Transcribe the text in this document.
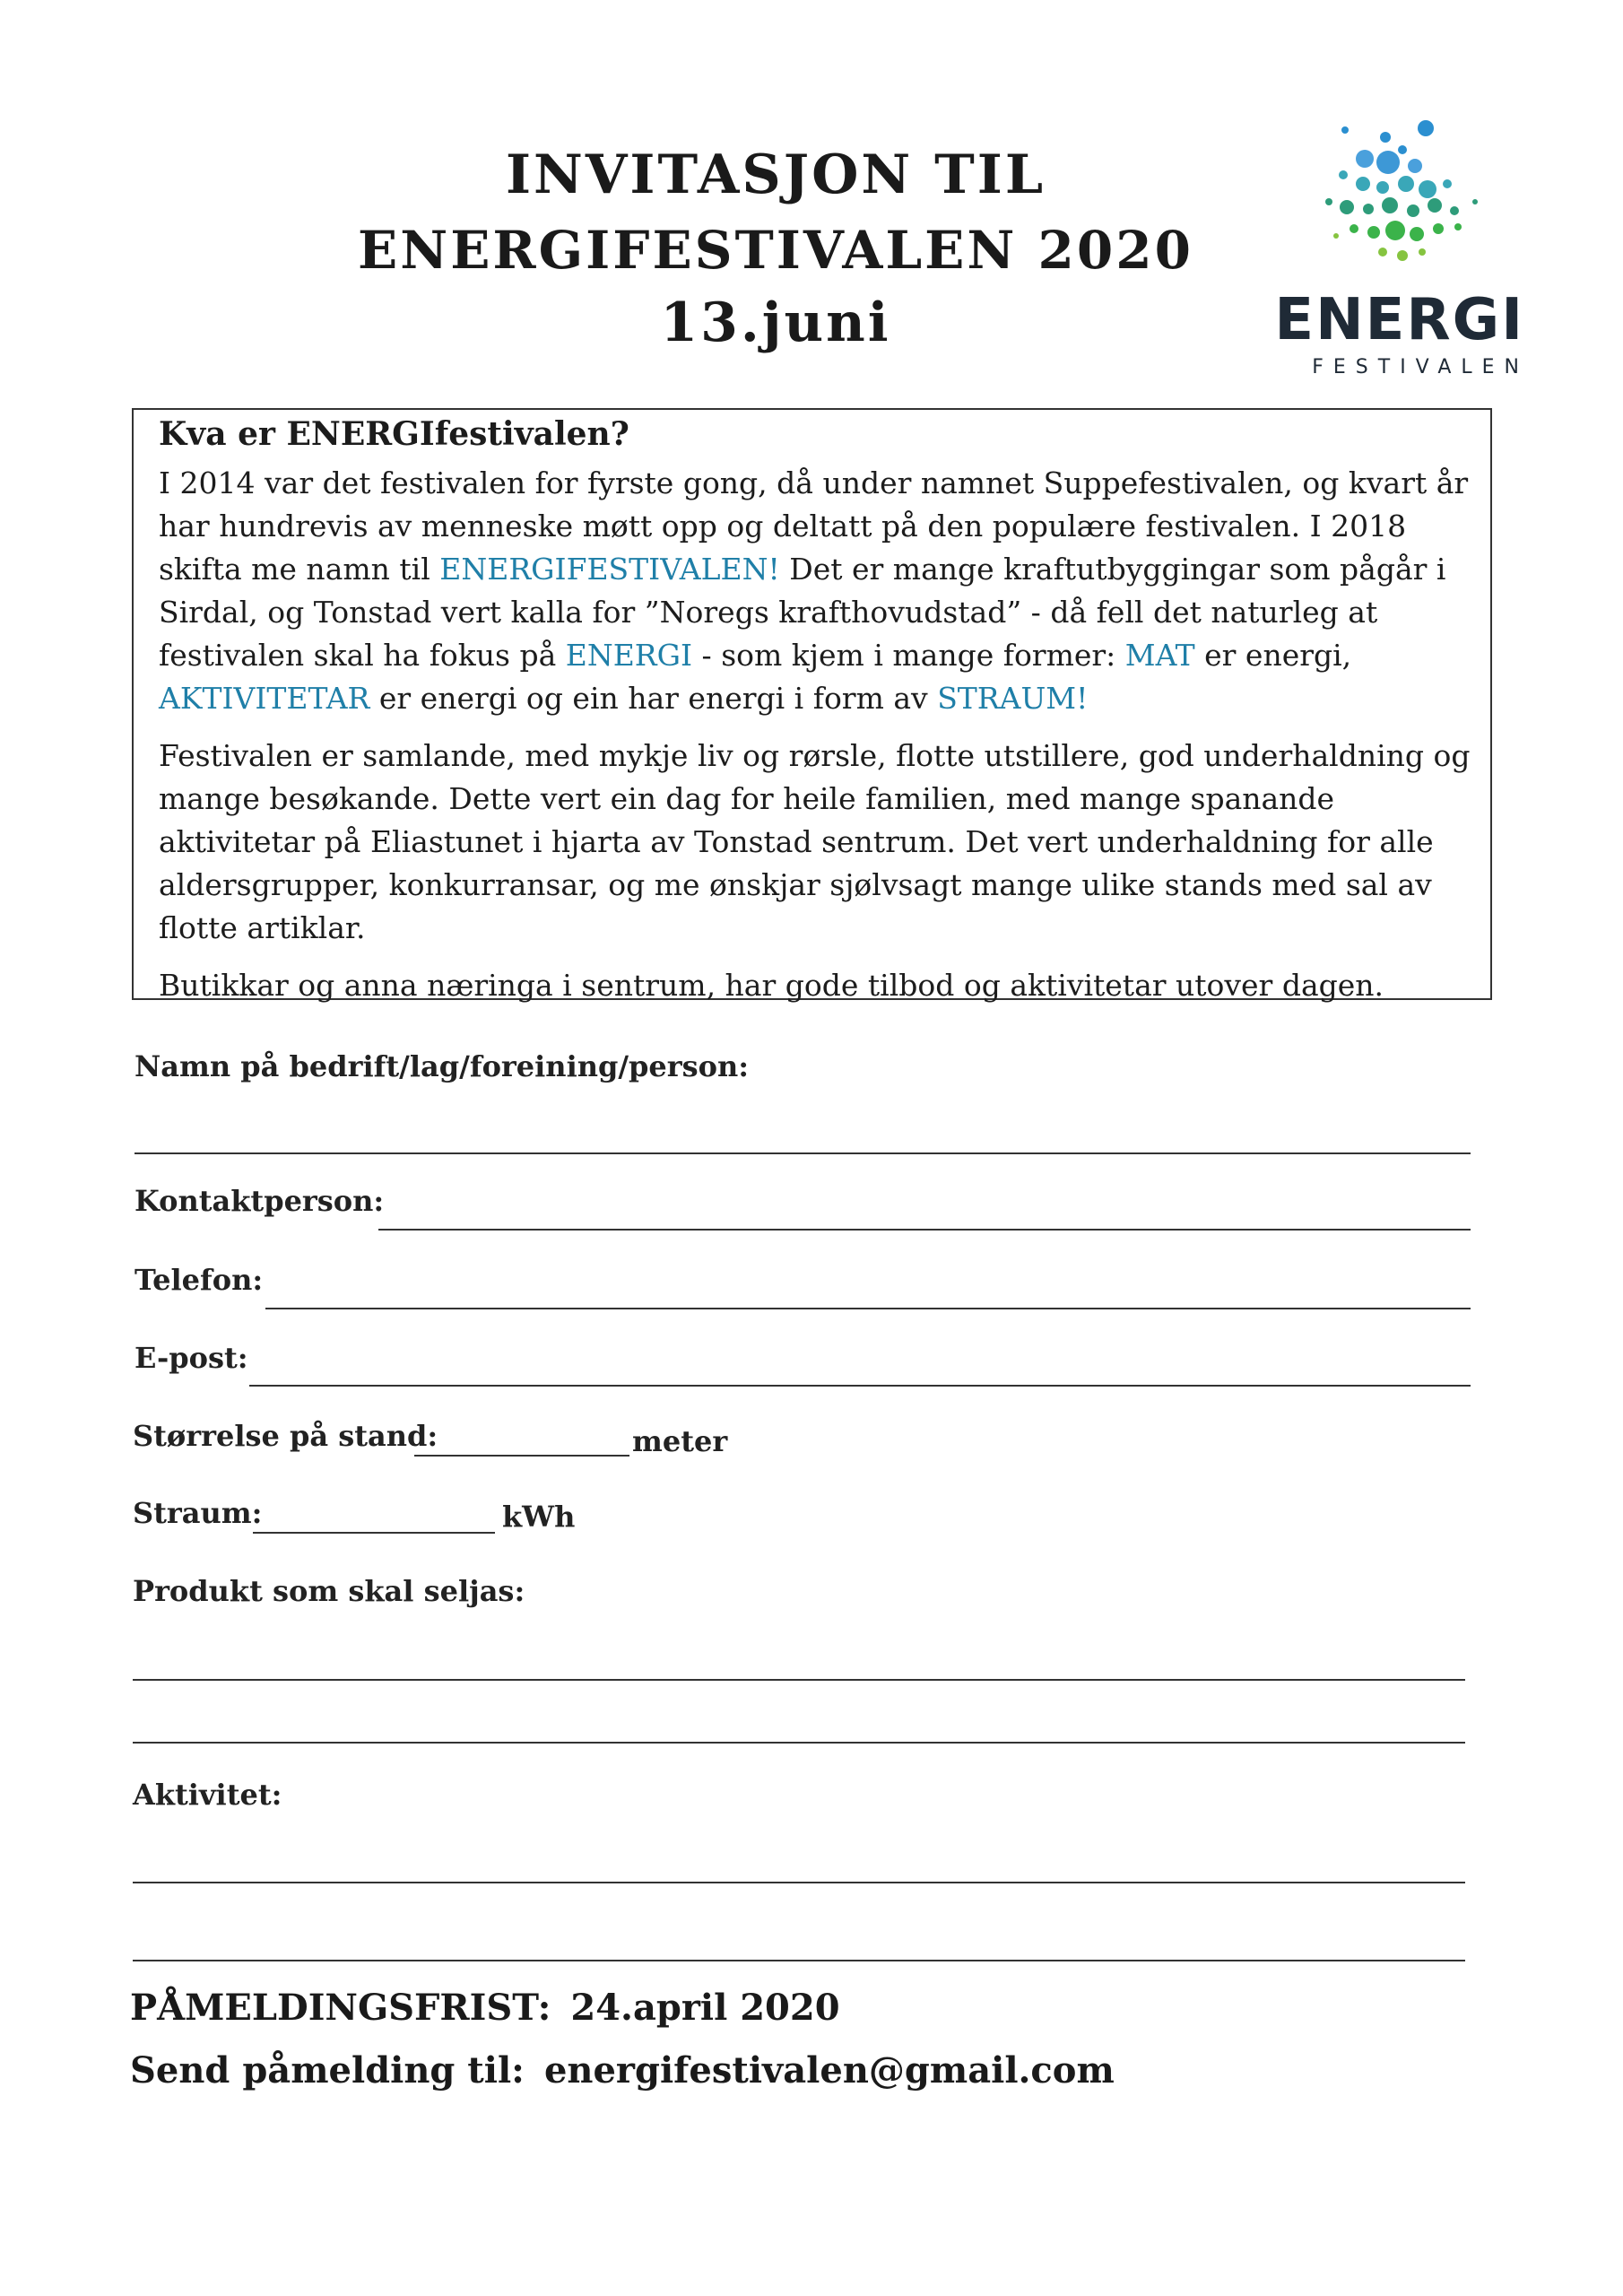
INVITASJON TIL
ENERGIFESTIVALEN 2020
13.juni	ENERGI
FESTIVALEN

Kva er ENERGIfestivalen?

I 2014 var det festivalen for fyrste gong, då under namnet Suppefestivalen, og kvart år har hundrevis av menneske møtt opp og deltatt på den populære festivalen. I 2018 skifta me namn til ENERGIFESTIVALEN! Det er mange kraftutbyggingar som pågår i Sirdal, og Tonstad vert kalla for ”Noregs krafthovudstad” - då fell det naturleg at festivalen skal ha fokus på ENERGI - som kjem i mange former: MAT er energi, AKTIVITETAR er energi og ein har energi i form av STRAUM!

Festivalen er samlande, med mykje liv og rørsle, flotte utstillere, god underhaldning og mange besøkande. Dette vert ein dag for heile familien, med mange spanande aktivitetar på Eliastunet i hjarta av Tonstad sentrum. Det vert underhaldning for alle aldersgrupper, konkurransar, og me ønskjar sjølvsagt mange ulike stands med sal av flotte artiklar.

Butikkar og anna næringa i sentrum, har gode tilbod og aktivitetar utover dagen.

Namn på bedrift/lag/foreining/person:
Kontaktperson:
Telefon:
E-post:
Størrelse på stand:	meter
Straum:	kWh
Produkt som skal seljas:
Aktivitet:
PÅMELDINGSFRIST: 24.april 2020
Send påmelding til: energifestivalen@gmail.com
